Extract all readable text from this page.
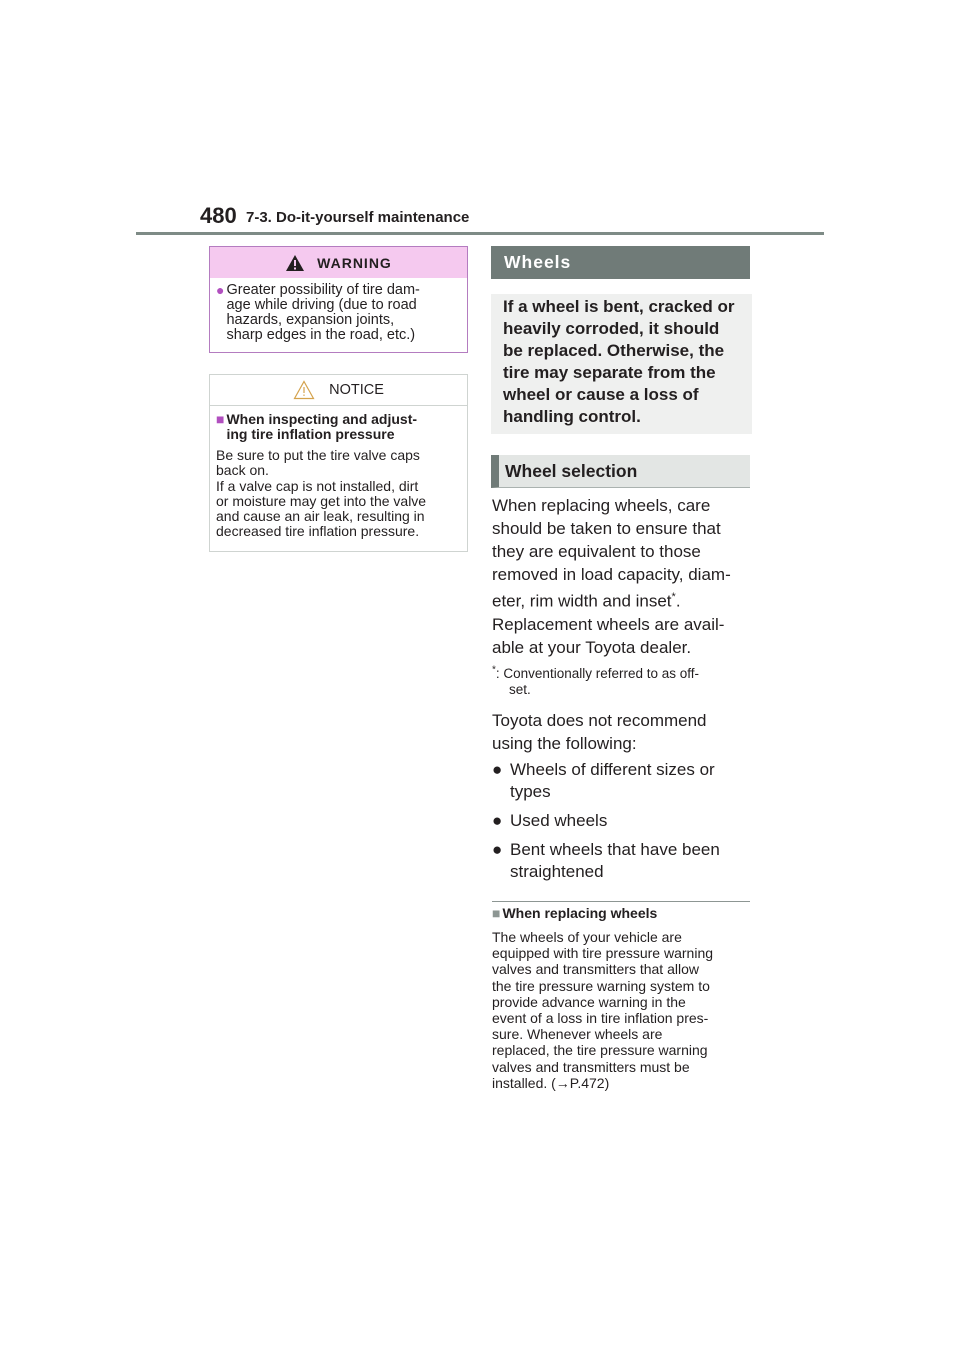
480 7-3. Do-it-yourself maintenance
WARNING
● Greater possibility of tire dam-
age while driving (due to road
hazards, expansion joints,
sharp edges in the road, etc.)
NOTICE
■ When inspecting and adjust-
ing tire inflation pressure
Be sure to put the tire valve caps
back on.
If a valve cap is not installed, dirt
or moisture may get into the valve
and cause an air leak, resulting in
decreased tire inflation pressure.
Wheels
If a wheel is bent, cracked or
heavily corroded, it should
be replaced. Otherwise, the
tire may separate from the
wheel or cause a loss of
handling control.
Wheel selection
When replacing wheels, care
should be taken to ensure that
they are equivalent to those
removed in load capacity, diam-
eter, rim width and inset*.
Replacement wheels are avail-
able at your Toyota dealer.
*: Conventionally referred to as off-
set.
Toyota does not recommend
using the following:
● Wheels of different sizes or
types
● Used wheels
● Bent wheels that have been
straightened
■ When replacing wheels
The wheels of your vehicle are
equipped with tire pressure warning
valves and transmitters that allow
the tire pressure warning system to
provide advance warning in the
event of a loss in tire inflation pres-
sure. Whenever wheels are
replaced, the tire pressure warning
valves and transmitters must be
installed. (→P.472)
